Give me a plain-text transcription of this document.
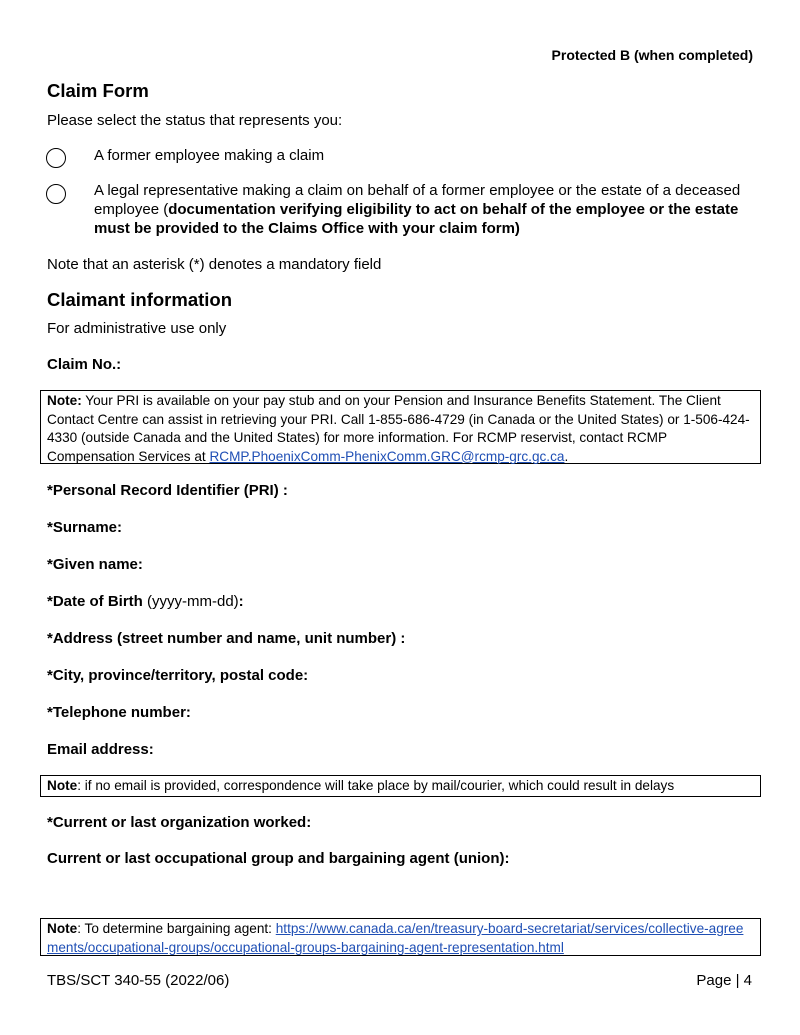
Protected B (when completed)
Claim Form
Please select the status that represents you:
A former employee making a claim
A legal representative making a claim on behalf of a former employee or the estate of a deceased employee (documentation verifying eligibility to act on behalf of the employee or the estate must be provided to the Claims Office with your claim form)
Note that an asterisk (*) denotes a mandatory field
Claimant information
For administrative use only
Claim No.:
Note: Your PRI is available on your pay stub and on your Pension and Insurance Benefits Statement. The Client Contact Centre can assist in retrieving your PRI. Call 1-855-686-4729 (in Canada or the United States) or 1-506-424-4330 (outside Canada and the United States) for more information. For RCMP reservist, contact RCMP Compensation Services at RCMP.PhoenixComm-PhenixComm.GRC@rcmp-grc.gc.ca.
*Personal Record Identifier (PRI) :
*Surname:
*Given name:
*Date of Birth (yyyy-mm-dd):
*Address (street number and name, unit number) :
*City, province/territory, postal code:
*Telephone number:
Email address:
Note: if no email is provided, correspondence will take place by mail/courier, which could result in delays
*Current or last organization worked:
Current or last occupational group and bargaining agent (union):
Note: To determine bargaining agent: https://www.canada.ca/en/treasury-board-secretariat/services/collective-agreements/occupational-groups/occupational-groups-bargaining-agent-representation.html
TBS/SCT 340-55 (2022/06)	Page | 4
